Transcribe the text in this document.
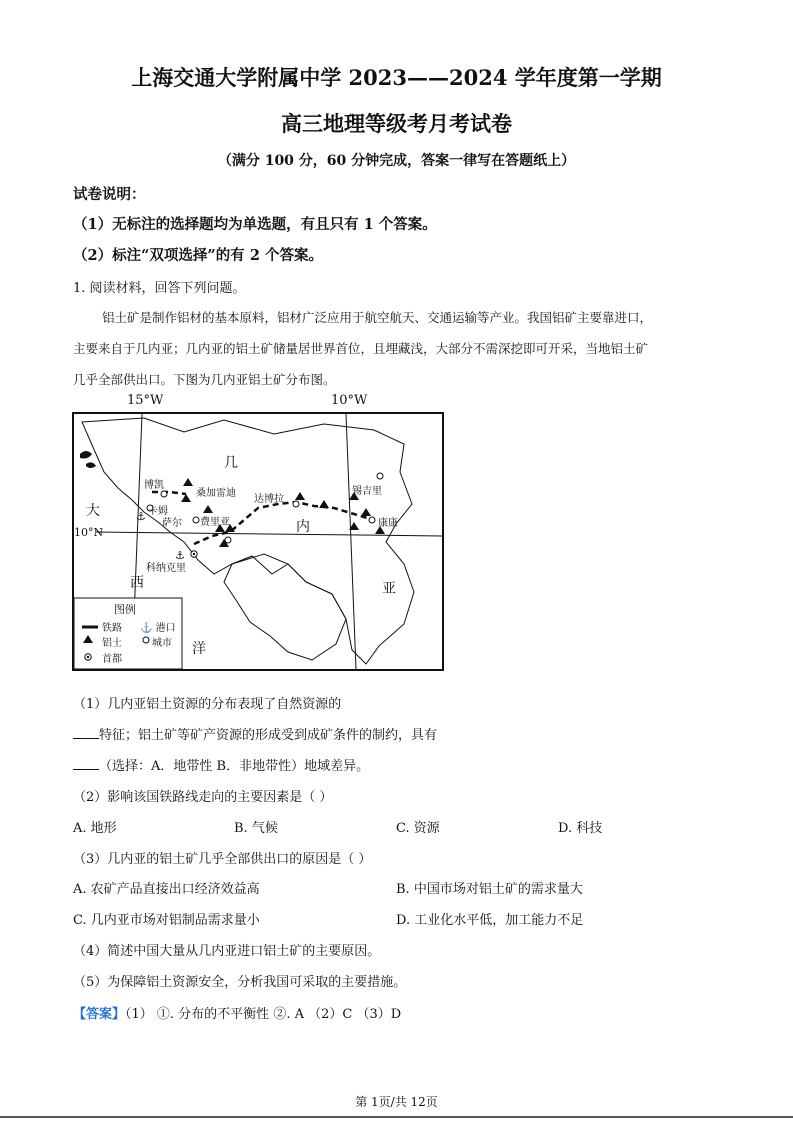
上海交通大学附属中学 2023——2024 学年度第一学期
高三地理等级考月考试卷
（满分 100 分，60 分钟完成，答案一律写在答题纸上）
试卷说明：
（1）无标注的选择题均为单选题，有且只有 1 个答案。
（2）标注“双项选择”的有 2 个答案。
1. 阅读材料，回答下列问题。
铝土矿是制作铝材的基本原料，铝材广泛应用于航空航天、交通运输等产业。我国铝矿主要靠进口，
主要来自于几内亚；几内亚的铝土矿储量居世界首位，且埋藏浅，大部分不需深挖即可开采，当地铝土矿
几乎全部供出口。下图为几内亚铝土矿分布图。
15°W	10°W
⚓
⚓
几
内
亚
大
西
洋
博凯
桑加雷迪
卡姆
萨尔 费里亚
达博拉
锡吉里
康康
科纳克里
10°N
图例
铁路 ⚓ 港口
铝土	城市
首都
（1）几内亚铝土资源的分布表现了自然资源的
特征；铝土矿等矿产资源的形成受到成矿条件的制约，具有
（选择：A．地带性 B．非地带性）地域差异。
（2）影响该国铁路线走向的主要因素是（ ）
A. 地形	B. 气候	C. 资源	D. 科技
（3）几内亚的铝土矿几乎全部供出口的原因是（ ）
A. 农矿产品直接出口经济效益高	B. 中国市场对铝土矿的需求量大
C. 几内亚市场对铝制品需求量小	D. 工业化水平低，加工能力不足
（4）简述中国大量从几内亚进口铝土矿的主要原因。
（5）为保障铝土资源安全，分析我国可采取的主要措施。
【答案】（1） ①. 分布的不平衡性 ②. A （2）C （3）D
第 1页/共 12页
